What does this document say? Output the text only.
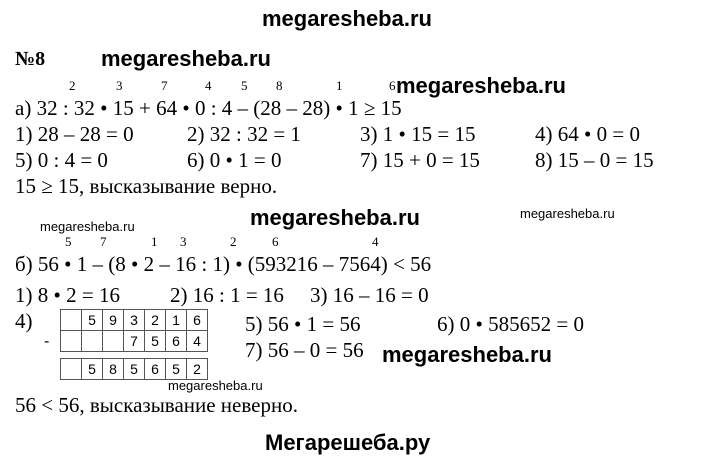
megaresheba.ru
№8	megaresheba.ru
2	3	7	4 5 8	1	6 megaresheba.ru
а) 32 : 32 • 15 + 64 • 0 : 4 – (28 – 28) • 1 ≥ 15
1) 28 – 28 = 0	2) 32 : 32 = 1	3) 1 • 15 = 15	4) 64 • 0 = 0
5) 0 : 4 = 0	6) 0 • 1 = 0	7) 15 + 0 = 15	8) 15 – 0 = 15
15 ≥ 15, высказывание верно.
megaresheba.ru	megaresheba.ru	megaresheba.ru
5 7	1 3	2	6	4
б) 56 • 1 – (8 • 2 – 16 : 1) • (593216 – 7564) < 56
1) 8 • 2 = 16 2) 16 : 1 = 16 3) 16 – 16 = 0
4)
-
	5	9	3	2	1	6
			7	5	6	4

	5	8	5	6	5	2
5) 56 • 1 = 56	6) 0 • 585652 = 0
7) 56 – 0 = 56 megaresheba.ru
megaresheba.ru
56 < 56, высказывание неверно.
Мегарешеба.ру
